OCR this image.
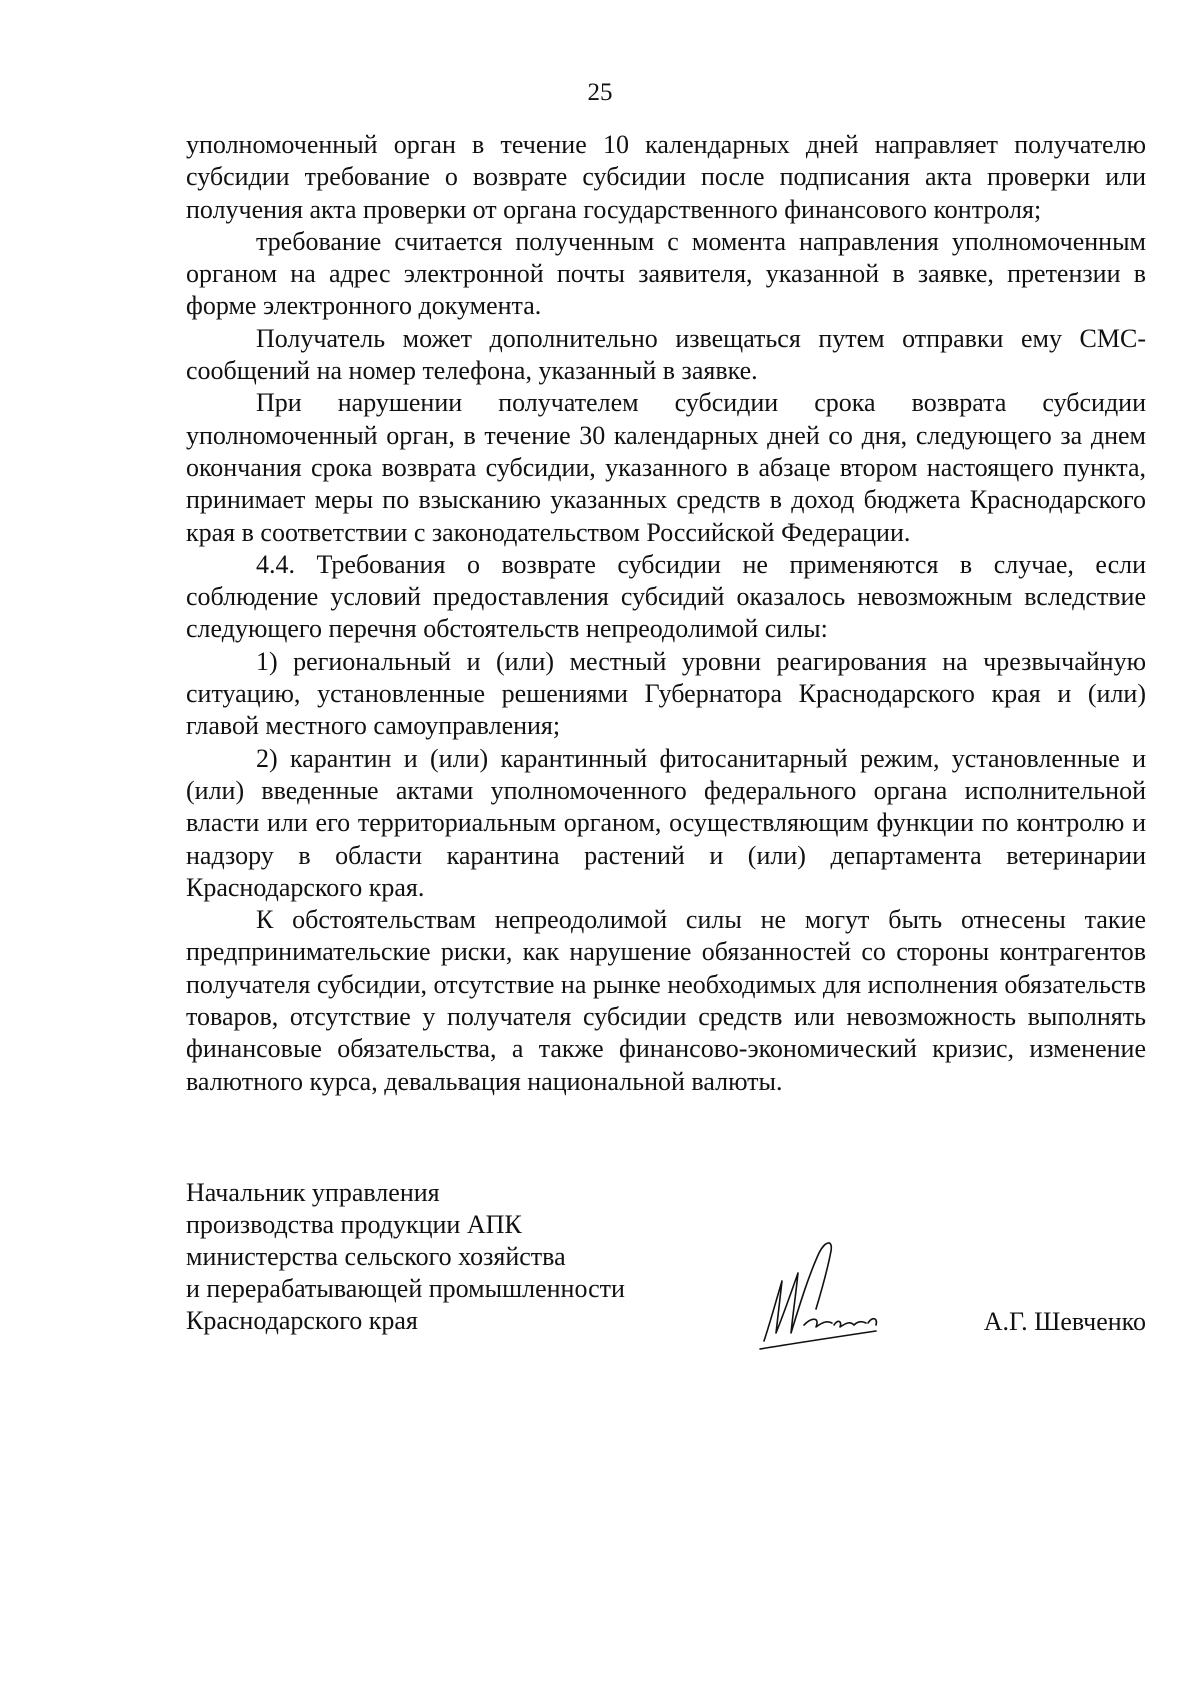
25

уполномоченный орган в течение 10 календарных дней направляет получателю субсидии требование о возврате субсидии после подписания акта проверки или получения акта проверки от органа государственного финансового контроля;

требование считается полученным с момента направления уполномоченным органом на адрес электронной почты заявителя, указанной в заявке, претензии в форме электронного документа.

Получатель может дополнительно извещаться путем отправки ему СМС-сообщений на номер телефона, указанный в заявке.

При нарушении получателем субсидии срока возврата субсидии уполномоченный орган, в течение 30 календарных дней со дня, следующего за днем окончания срока возврата субсидии, указанного в абзаце втором настоящего пункта, принимает меры по взысканию указанных средств в доход бюджета Краснодарского края в соответствии с законодательством Российской Федерации.

4.4. Требования о возврате субсидии не применяются в случае, если соблюдение условий предоставления субсидий оказалось невозможным вследствие следующего перечня обстоятельств непреодолимой силы:

1) региональный и (или) местный уровни реагирования на чрезвычайную ситуацию, установленные решениями Губернатора Краснодарского края и (или) главой местного самоуправления;

2) карантин и (или) карантинный фитосанитарный режим, установленные и (или) введенные актами уполномоченного федерального органа исполнительной власти или его территориальным органом, осуществляющим функции по контролю и надзору в области карантина растений и (или) департамента ветеринарии Краснодарского края.

К обстоятельствам непреодолимой силы не могут быть отнесены такие предпринимательские риски, как нарушение обязанностей со стороны контрагентов получателя субсидии, отсутствие на рынке необходимых для исполнения обязательств товаров, отсутствие у получателя субсидии средств или невозможность выполнять финансовые обязательства, а также финансово-экономический кризис, изменение валютного курса, девальвация национальной валюты.

Начальник управления
производства продукции АПК
министерства сельского хозяйства
и перерабатывающей промышленности
Краснодарского края	А.Г. Шевченко
